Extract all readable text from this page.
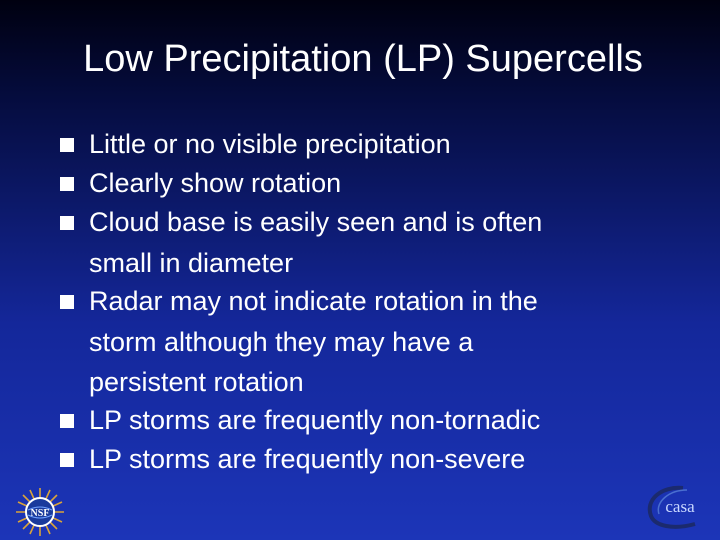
Low Precipitation (LP) Supercells
Little or no visible precipitation
Clearly show rotation
Cloud base is easily seen and is often
small in diameter
Radar may not indicate rotation in the
storm although they may have a
persistent rotation
LP storms are frequently non-tornadic
LP storms are frequently non-severe
NSF	casa
